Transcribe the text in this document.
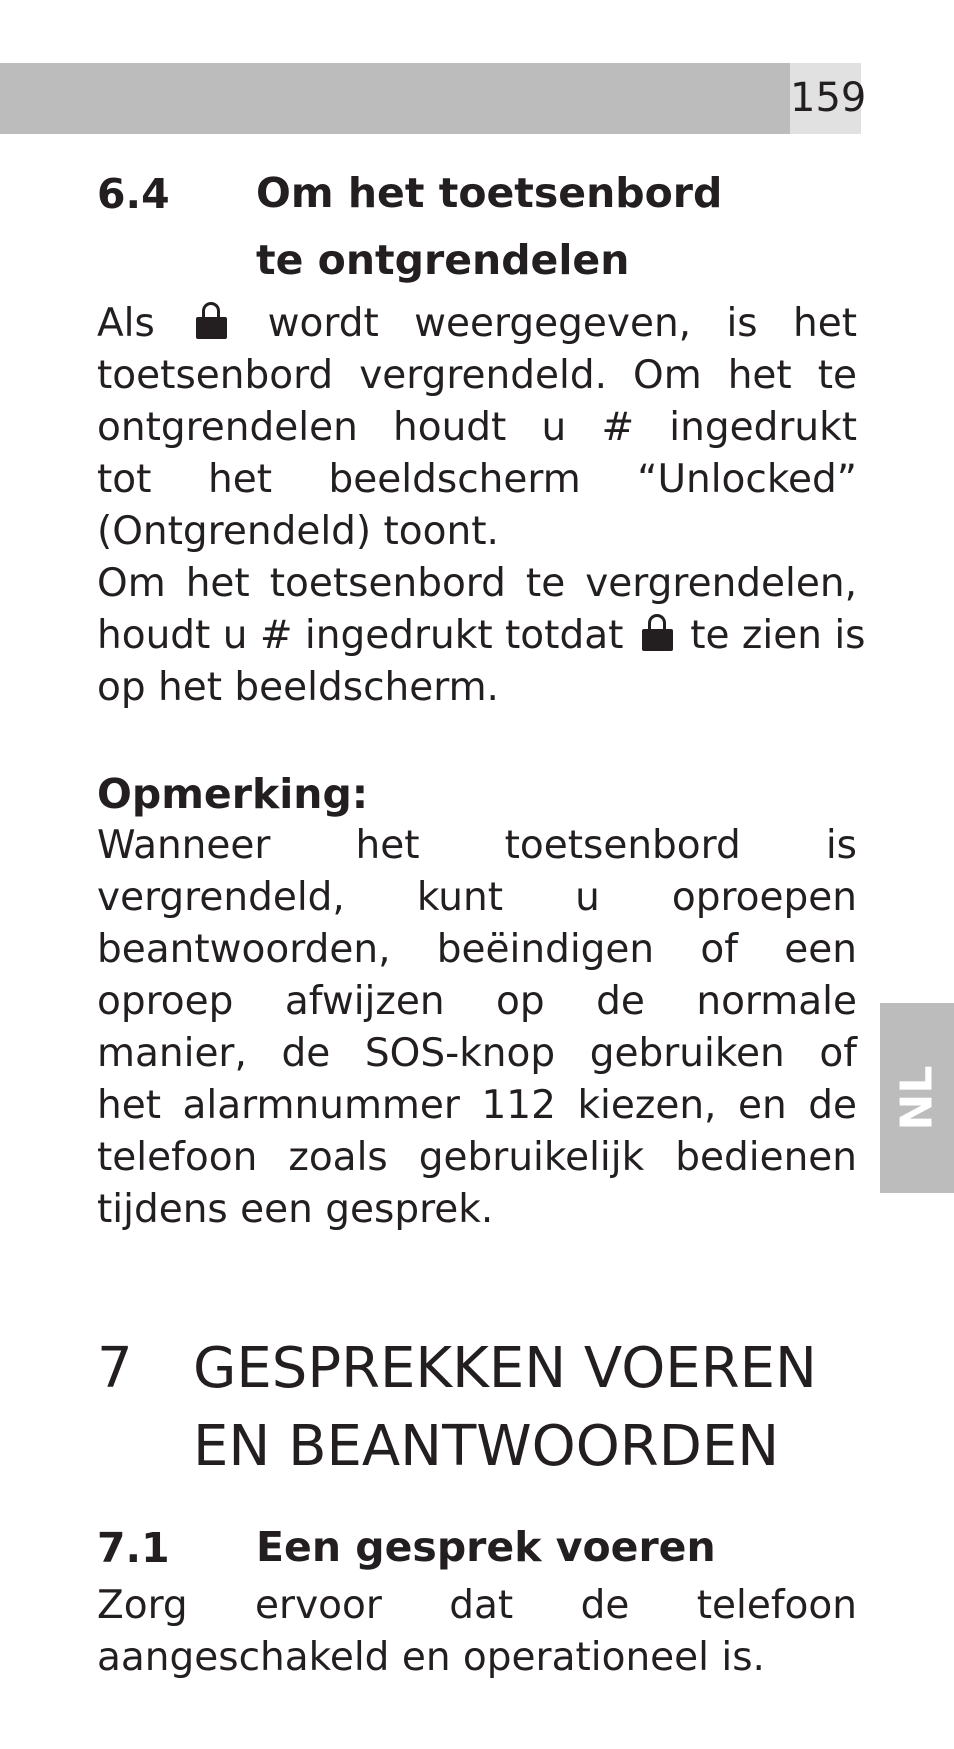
159
NL
6.4 Om het toetsenbord
te ontgrendelen
Als	wordt weergegeven, is het
toetsenbord vergrendeld. Om het te
ontgrendelen houdt u # ingedrukt
tot het beeldscherm “Unlocked”
(Ontgrendeld) toont.
Om het toetsenbord te vergrendelen,
houdt u # ingedrukt totdat te zien is
op het beeldscherm.
Opmerking:
Wanneer het toetsenbord is
vergrendeld, kunt u oproepen
beantwoorden, beëindigen of een
oproep afwijzen op de normale
manier, de SOS-knop gebruiken of
het alarmnummer 112 kiezen, en de
telefoon zoals gebruikelijk bedienen
tijdens een gesprek.
7 GESPREKKEN VOEREN
EN BEANTWOORDEN
7.1 Een gesprek voeren
Zorg ervoor dat de telefoon
aangeschakeld en operationeel is.
